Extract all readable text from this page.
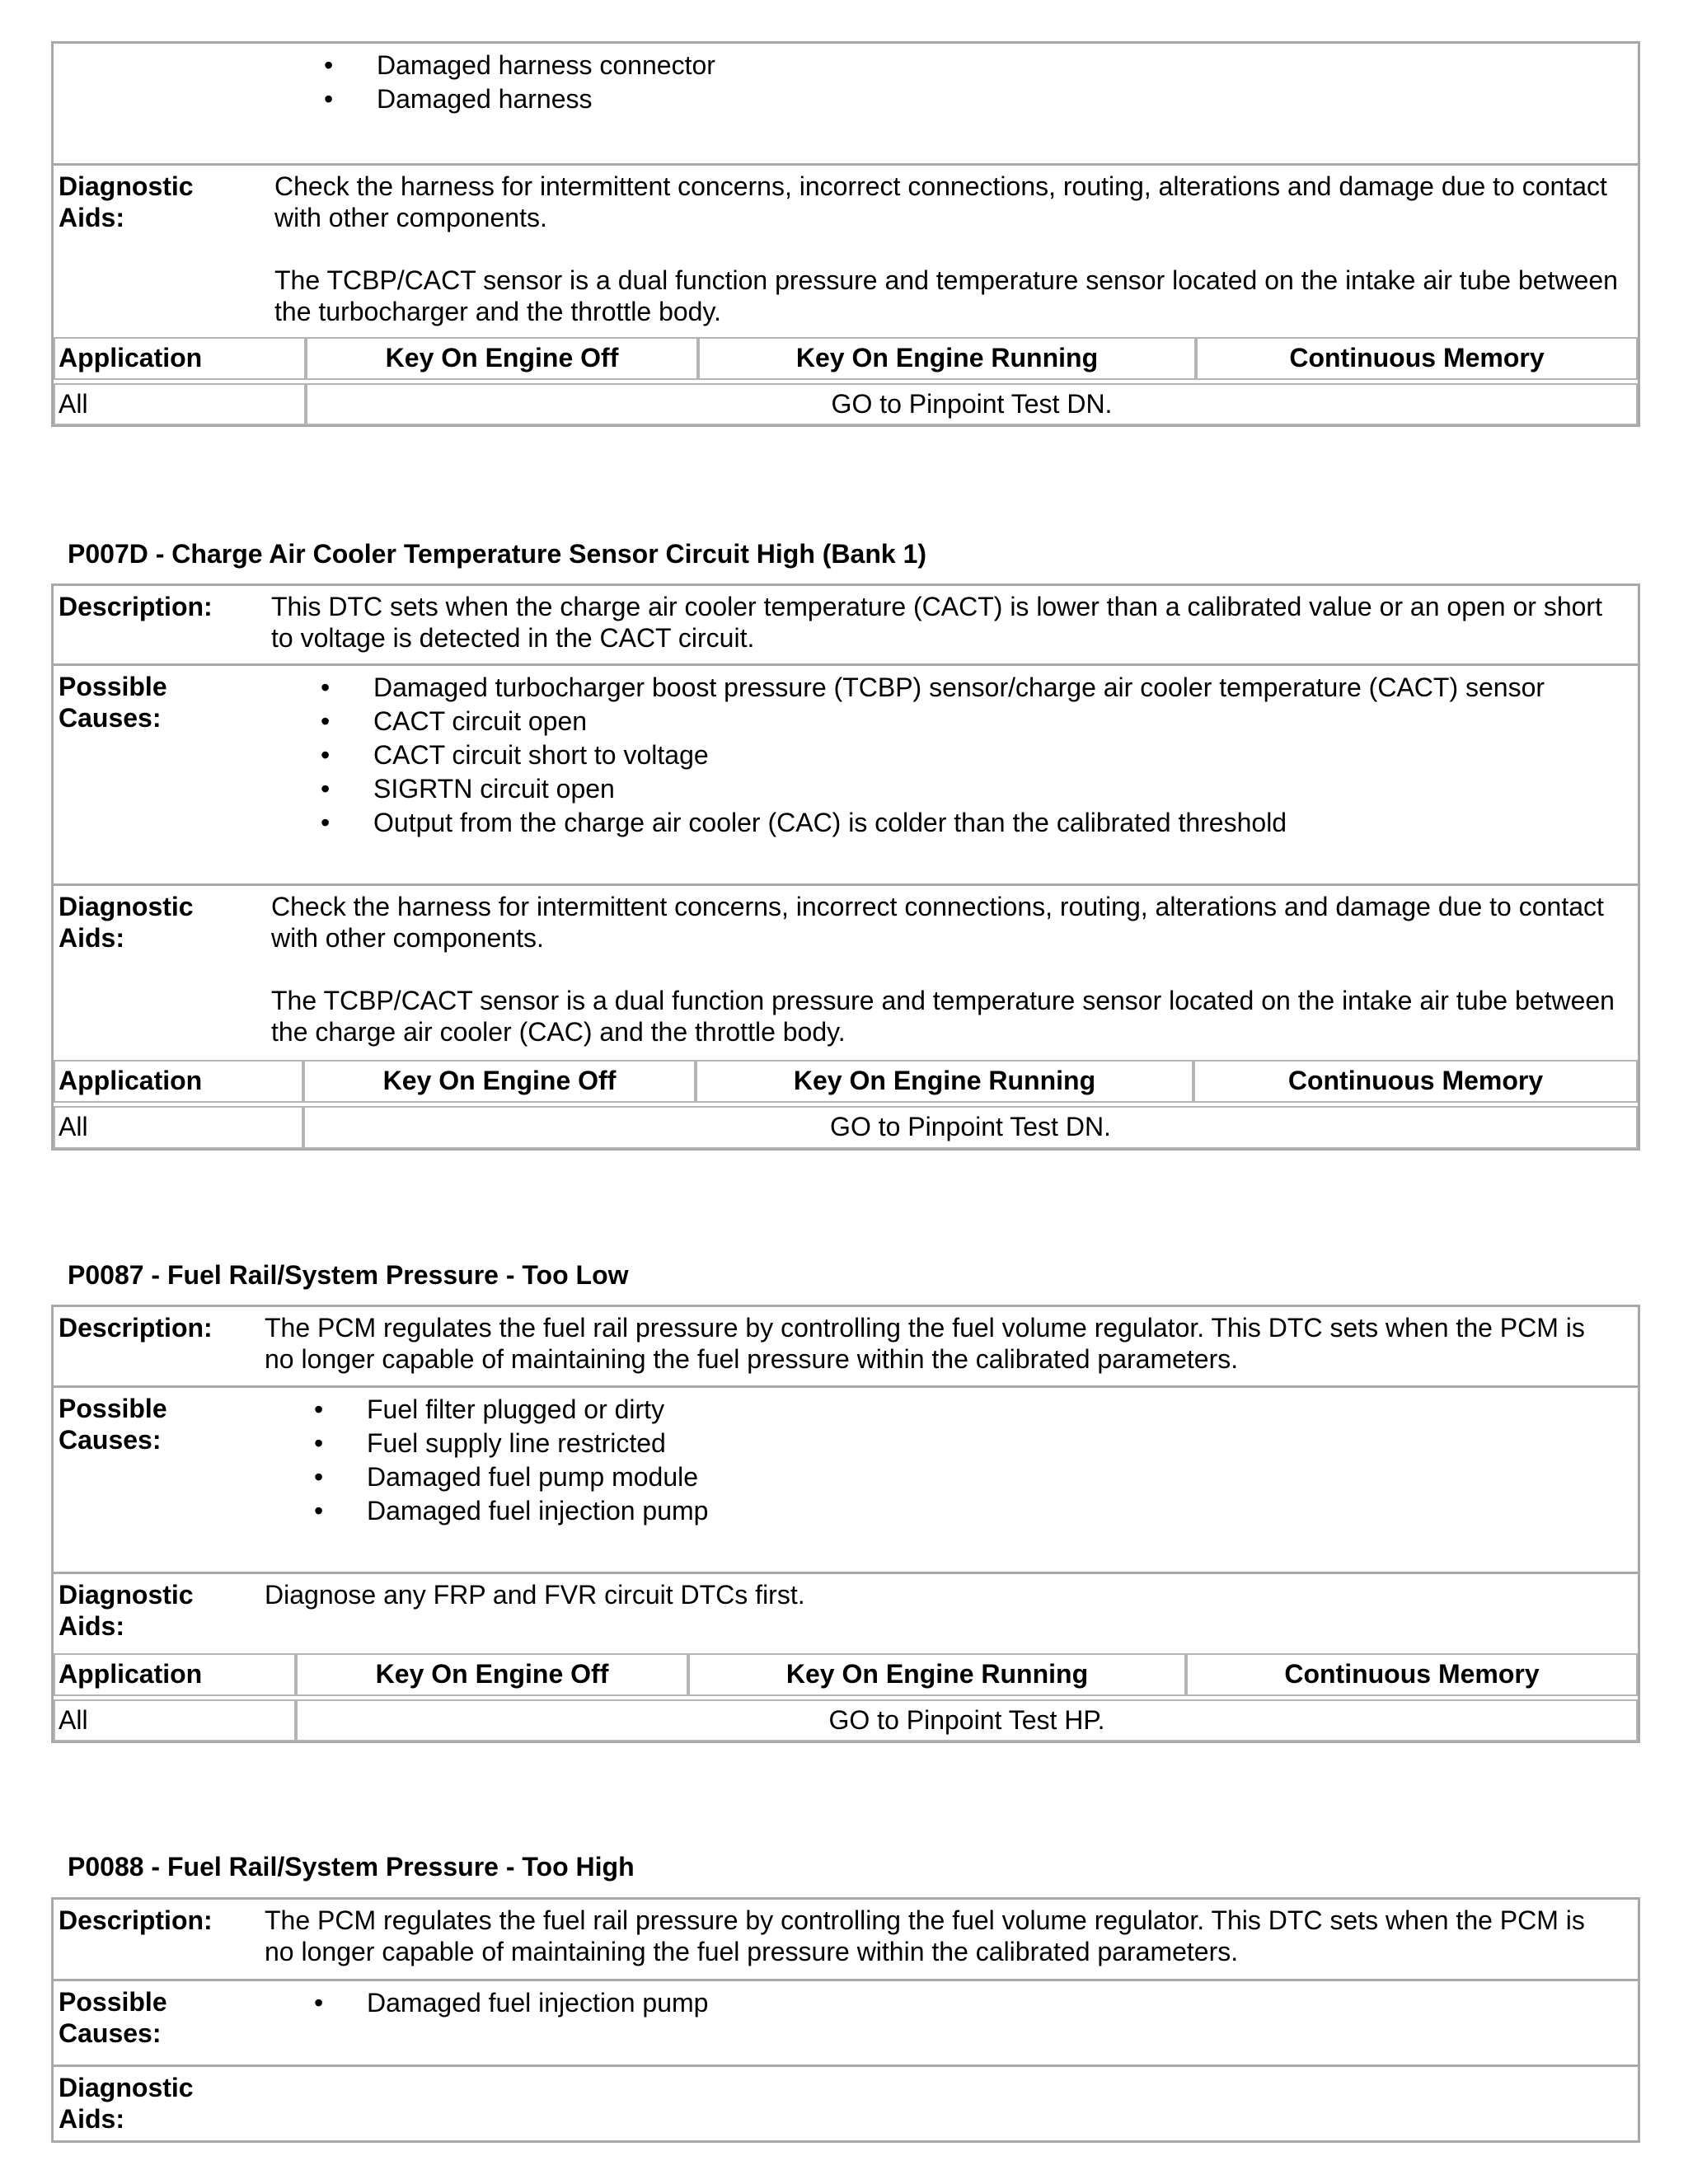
• Damaged harness connector
• Damaged harness
Diagnostic
Aids:

Check the harness for intermittent concerns, incorrect connections, routing, alterations and damage due to contact with other components.

The TCBP/CACT sensor is a dual function pressure and temperature sensor located on the intake air tube between the turbocharger and the throttle body.

Application	Key On Engine Off	Key On Engine Running	Continuous Memory
All	GO to Pinpoint Test DN.
P007D - Charge Air Cooler Temperature Sensor Circuit High (Bank 1)
Description: This DTC sets when the charge air cooler temperature (CACT) is lower than a calibrated value or an open or short to voltage is detected in the CACT circuit.
Possible
Causes:
• Damaged turbocharger boost pressure (TCBP) sensor/charge air cooler temperature (CACT) sensor
• CACT circuit open
• CACT circuit short to voltage
• SIGRTN circuit open
• Output from the charge air cooler (CAC) is colder than the calibrated threshold
Diagnostic
Aids:

Check the harness for intermittent concerns, incorrect connections, routing, alterations and damage due to contact with other components.

The TCBP/CACT sensor is a dual function pressure and temperature sensor located on the intake air tube between the charge air cooler (CAC) and the throttle body.

Application	Key On Engine Off	Key On Engine Running	Continuous Memory
All	GO to Pinpoint Test DN.
P0087 - Fuel Rail/System Pressure - Too Low
Description: The PCM regulates the fuel rail pressure by controlling the fuel volume regulator. This DTC sets when the PCM is no longer capable of maintaining the fuel pressure within the calibrated parameters.
Possible
Causes:
• Fuel filter plugged or dirty
• Fuel supply line restricted
• Damaged fuel pump module
• Damaged fuel injection pump
Diagnostic
Aids:
Diagnose any FRP and FVR circuit DTCs first.
Application	Key On Engine Off	Key On Engine Running	Continuous Memory
All	GO to Pinpoint Test HP.
P0088 - Fuel Rail/System Pressure - Too High
Description: The PCM regulates the fuel rail pressure by controlling the fuel volume regulator. This DTC sets when the PCM is no longer capable of maintaining the fuel pressure within the calibrated parameters.
Possible
Causes:
• Damaged fuel injection pump
Diagnostic
Aids:
